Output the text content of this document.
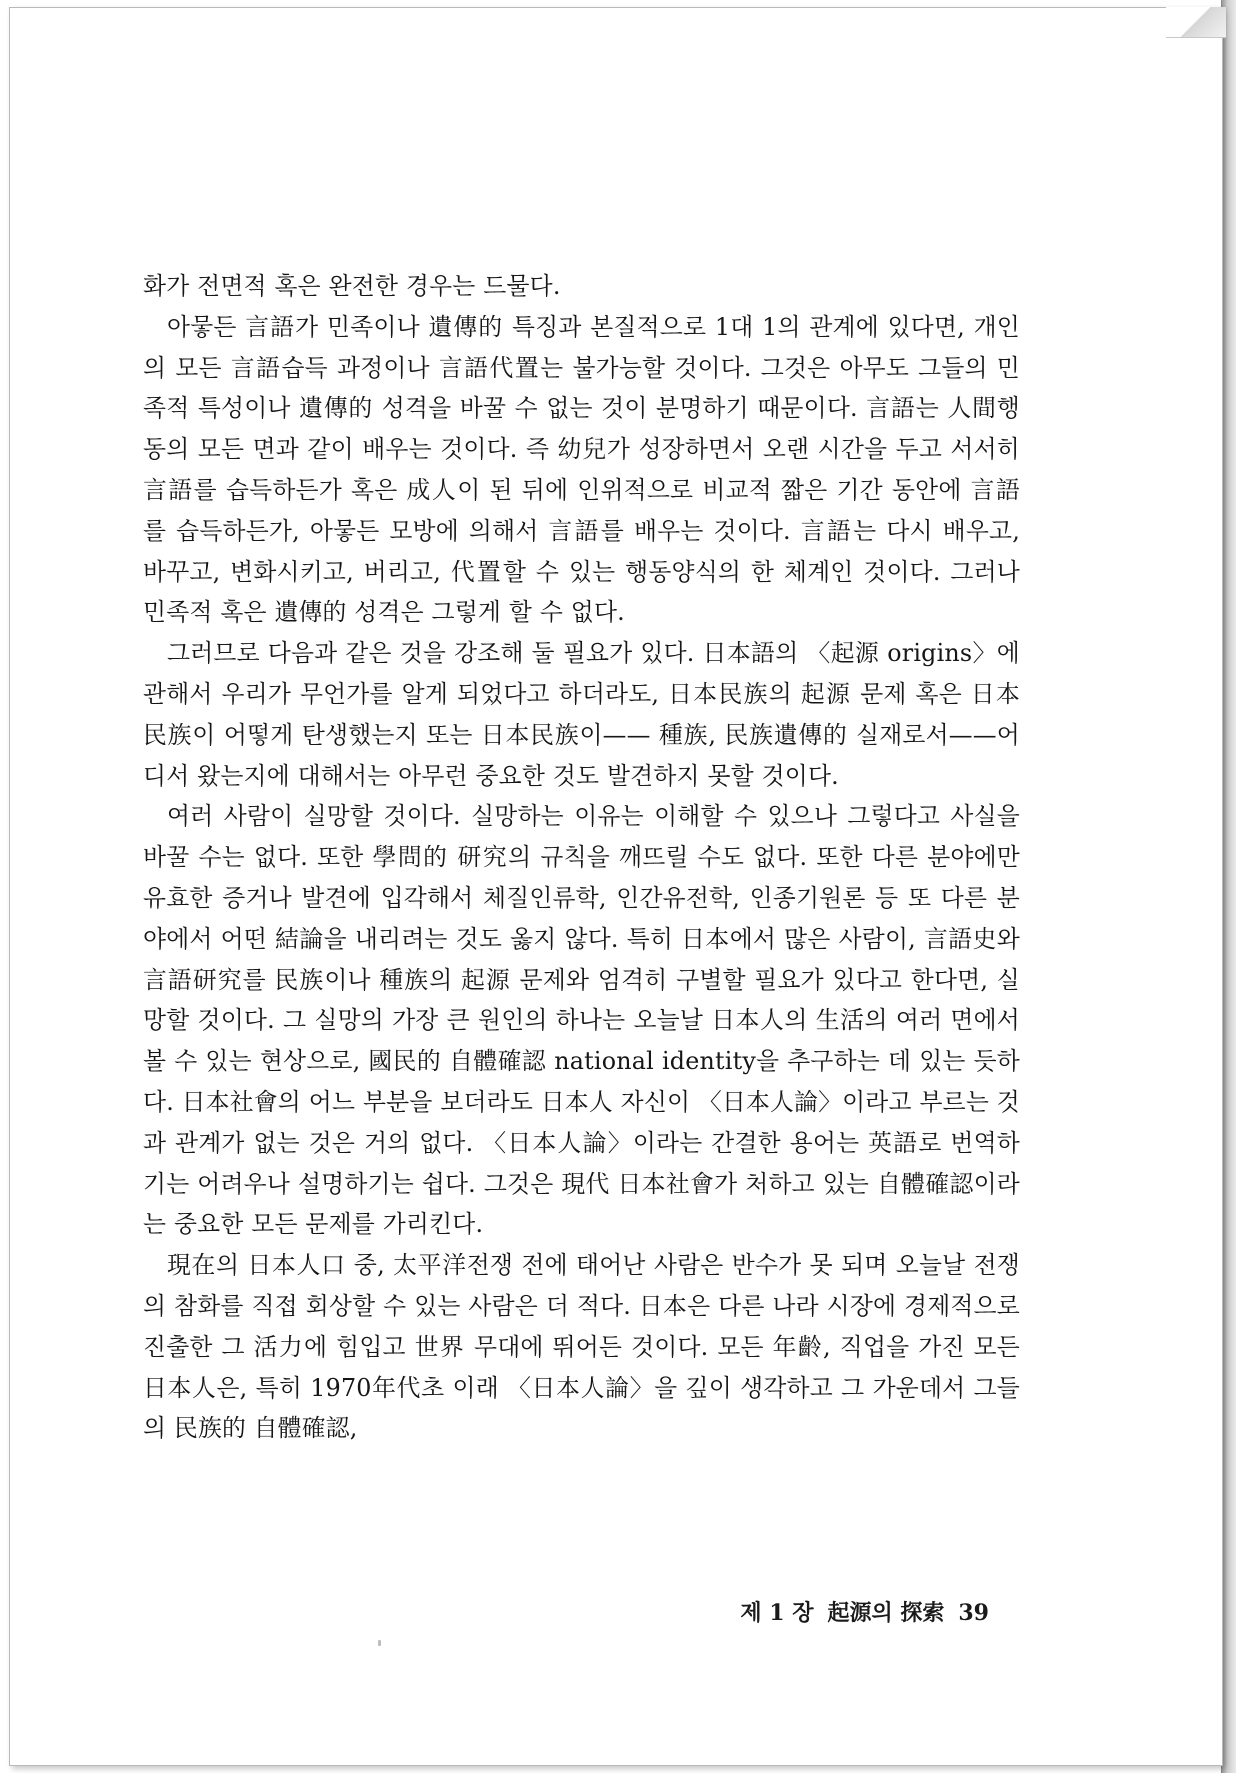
화가 전면적 혹은 완전한 경우는 드물다.

아뭏든 言語가 민족이나 遺傳的 특징과 본질적으로 1대 1의 관계에 있다면, 개인의 모든 言語습득 과정이나 言語代置는 불가능할 것이다. 그것은 아무도 그들의 민족적 특성이나 遺傳的 성격을 바꿀 수 없는 것이 분명하기 때문이다. 言語는 人間행동의 모든 면과 같이 배우는 것이다. 즉 幼兒가 성장하면서 오랜 시간을 두고 서서히 言語를 습득하든가 혹은 成人이 된 뒤에 인위적으로 비교적 짧은 기간 동안에 言語를 습득하든가, 아뭏든 모방에 의해서 言語를 배우는 것이다. 言語는 다시 배우고, 바꾸고, 변화시키고, 버리고, 代置할 수 있는 행동양식의 한 체계인 것이다. 그러나 민족적 혹은 遺傳的 성격은 그렇게 할 수 없다.

그러므로 다음과 같은 것을 강조해 둘 필요가 있다. 日本語의 〈起源 origins〉에 관해서 우리가 무언가를 알게 되었다고 하더라도, 日本民族의 起源 문제 혹은 日本民族이 어떻게 탄생했는지 또는 日本民族이—— 種族, 民族遺傳的 실재로서——어디서 왔는지에 대해서는 아무런 중요한 것도 발견하지 못할 것이다.

여러 사람이 실망할 것이다. 실망하는 이유는 이해할 수 있으나 그렇다고 사실을 바꿀 수는 없다. 또한 學問的 研究의 규칙을 깨뜨릴 수도 없다. 또한 다른 분야에만 유효한 증거나 발견에 입각해서 체질인류학, 인간유전학, 인종기원론 등 또 다른 분야에서 어떤 結論을 내리려는 것도 옳지 않다. 특히 日本에서 많은 사람이, 言語史와 言語研究를 民族이나 種族의 起源 문제와 엄격히 구별할 필요가 있다고 한다면, 실망할 것이다. 그 실망의 가장 큰 원인의 하나는 오늘날 日本人의 生活의 여러 면에서 볼 수 있는 현상으로, 國民的 自體確認 national identity을 추구하는 데 있는 듯하다. 日本社會의 어느 부분을 보더라도 日本人 자신이 〈日本人論〉이라고 부르는 것과 관계가 없는 것은 거의 없다. 〈日本人論〉이라는 간결한 용어는 英語로 번역하기는 어려우나 설명하기는 쉽다. 그것은 現代 日本社會가 처하고 있는 自體確認이라는 중요한 모든 문제를 가리킨다.

現在의 日本人口 중, 太平洋전쟁 전에 태어난 사람은 반수가 못 되며 오늘날 전쟁의 참화를 직접 회상할 수 있는 사람은 더 적다. 日本은 다른 나라 시장에 경제적으로 진출한 그 活力에 힘입고 世界 무대에 뛰어든 것이다. 모든 年齡, 직업을 가진 모든 日本人은, 특히 1970年代초 이래 〈日本人論〉을 깊이 생각하고 그 가운데서 그들의 民族的 自體確認,

제 1 장 起源의 探索 39
